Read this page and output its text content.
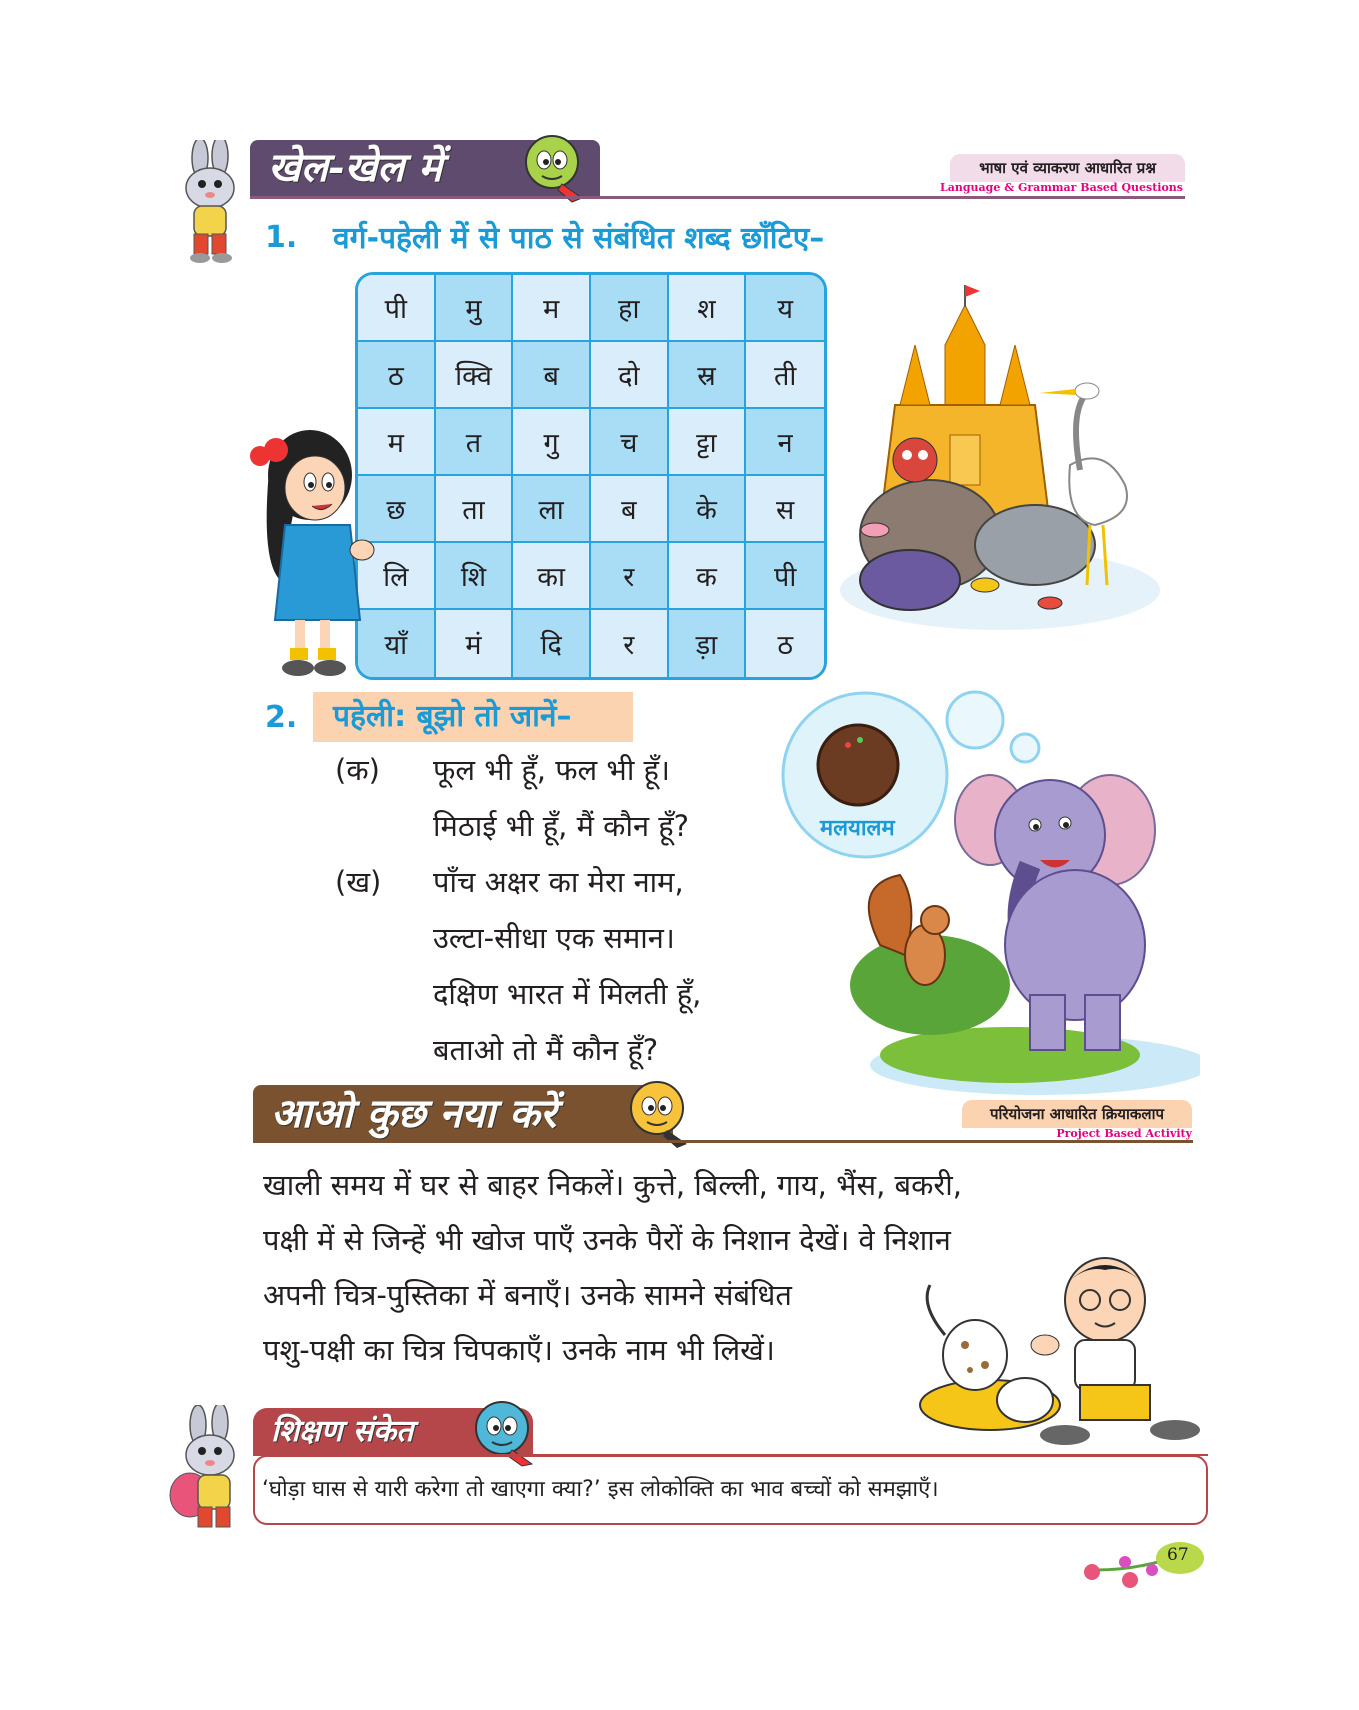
खेल-खेल में	भाषा एवं व्याकरण आधारित प्रश्न
Language & Grammar Based Questions
1. वर्ग-पहेली में से पाठ से संबंधित शब्द छाँटिए–
पी	मु	म	हा	श	य
ठ	क्वि	ब	दो	स्र	ती
म	त	गु	च	ट्टा	न
छ	ता	ला	ब	के	स
लि	शि	का	र	क	पी
याँ	मं	दि	र	ड़ा	ठ
2. पहेली: बूझो तो जानें–
(क) फूल भी हूँ, फल भी हूँ।
मिठाई भी हूँ, मैं कौन हूँ?
(ख) पाँच अक्षर का मेरा नाम,
उल्टा-सीधा एक समान।
दक्षिण भारत में मिलती हूँ,
बताओ तो मैं कौन हूँ?
मलयालम
आओ कुछ नया करें	परियोजना आधारित क्रियाकलाप
Project Based Activity
खाली समय में घर से बाहर निकलें। कुत्ते, बिल्ली, गाय, भैंस, बकरी,
पक्षी में से जिन्हें भी खोज पाएँ उनके पैरों के निशान देखें। वे निशान
अपनी चित्र-पुस्तिका में बनाएँ। उनके सामने संबंधित
पशु-पक्षी का चित्र चिपकाएँ। उनके नाम भी लिखें।
शिक्षण संकेत
‘घोड़ा घास से यारी करेगा तो खाएगा क्या?’ इस लोकोक्ति का भाव बच्चों को समझाएँ।
67
